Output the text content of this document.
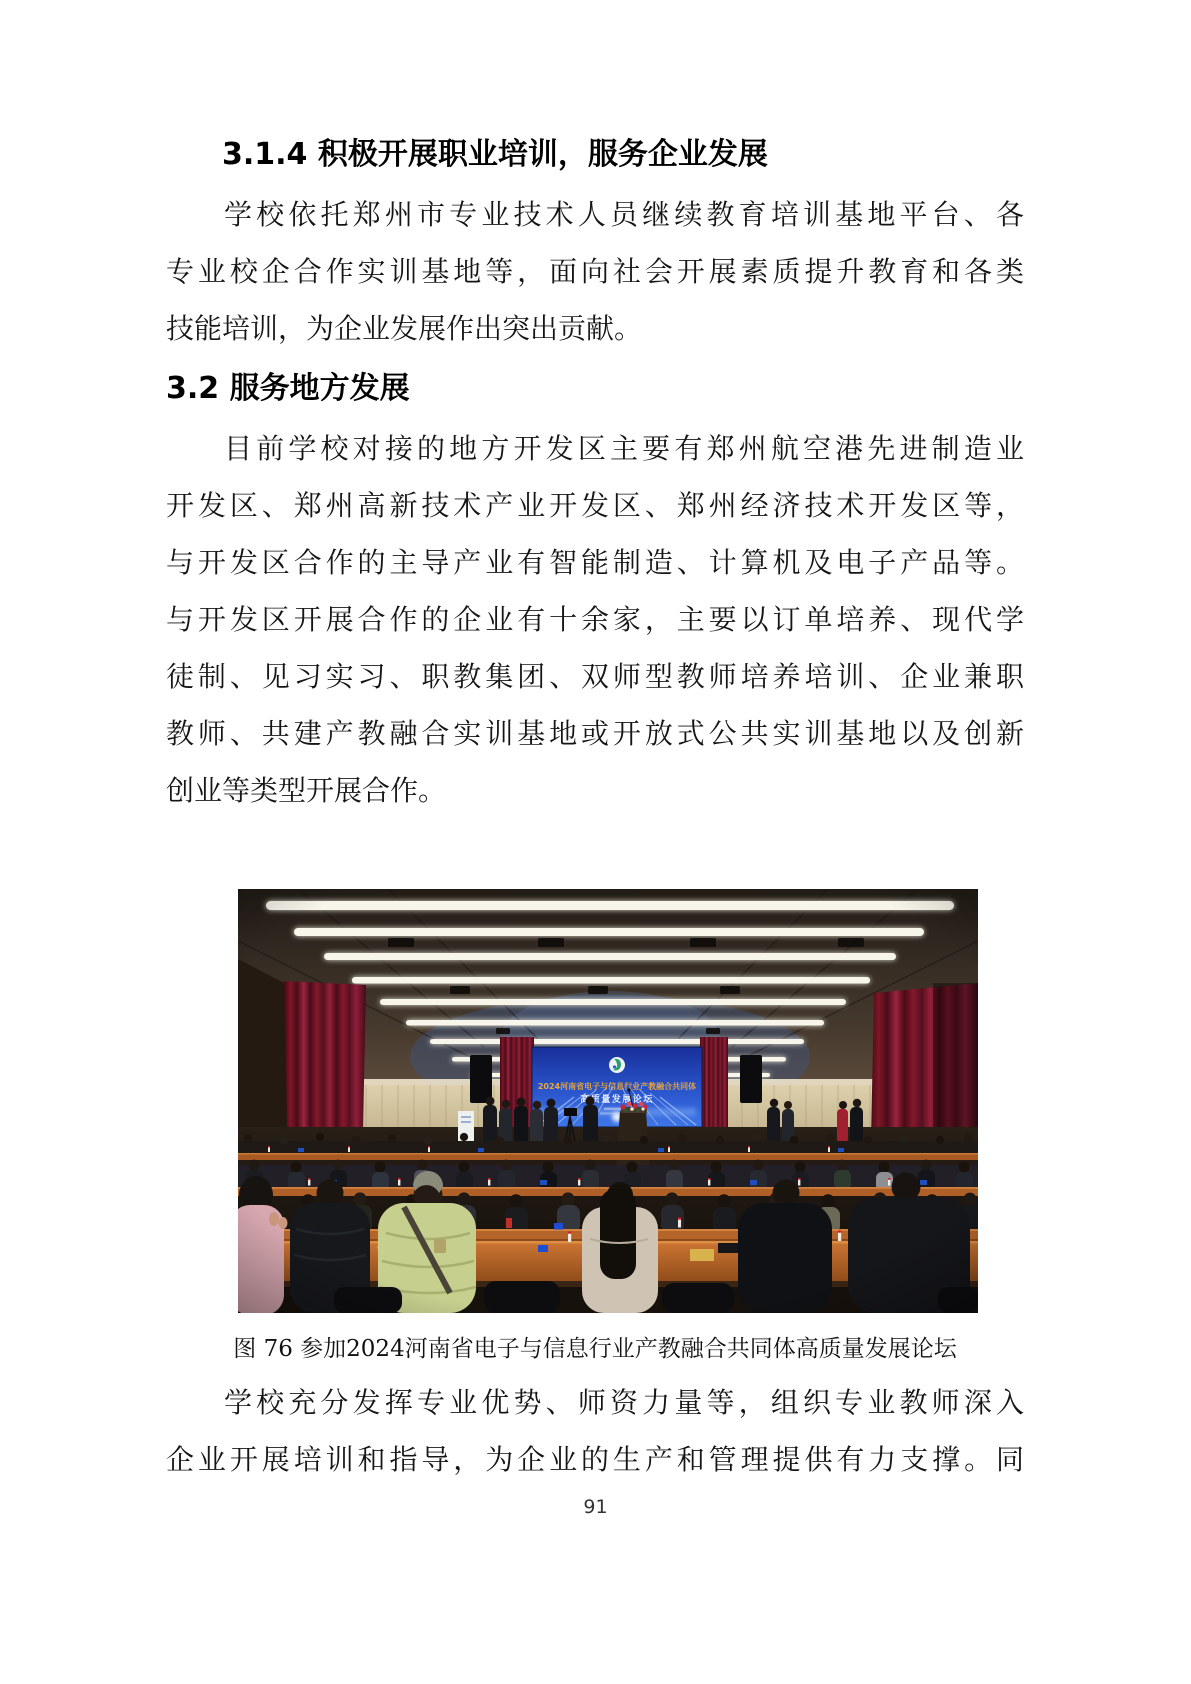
3.1.4 积极开展职业培训，服务企业发展
学校依托郑州市专业技术人员继续教育培训基地平台、各
专业校企合作实训基地等，面向社会开展素质提升教育和各类
技能培训，为企业发展作出突出贡献。
3.2 服务地方发展
目前学校对接的地方开发区主要有郑州航空港先进制造业
开发区、郑州高新技术产业开发区、郑州经济技术开发区等，
与开发区合作的主导产业有智能制造、计算机及电子产品等。
与开发区开展合作的企业有十余家，主要以订单培养、现代学
徒制、见习实习、职教集团、双师型教师培养培训、企业兼职
教师、共建产教融合实训基地或开放式公共实训基地以及创新
创业等类型开展合作。
图 76 参加2024河南省电子与信息行业产教融合共同体高质量发展论坛
学校充分发挥专业优势、师资力量等，组织专业教师深入
企业开展培训和指导，为企业的生产和管理提供有力支撑。同
91
